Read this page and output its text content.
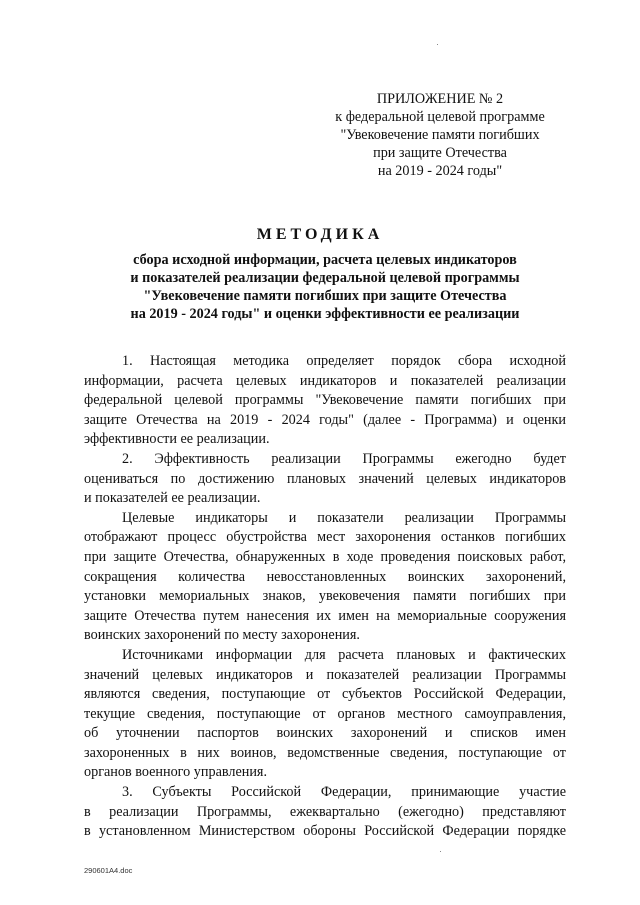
ПРИЛОЖЕНИЕ № 2
к федеральной целевой программе
"Увековечение памяти погибших
при защите Отечества
на 2019 - 2024 годы"
МЕТОДИКА
сбора исходной информации, расчета целевых индикаторов
и показателей реализации федеральной целевой программы
"Увековечение памяти погибших при защите Отечества
на 2019 - 2024 годы" и оценки эффективности ее реализации
1. Настоящая методика определяет порядок сбора исходной
информации, расчета целевых индикаторов и показателей реализации
федеральной целевой программы "Увековечение памяти погибших при
защите Отечества на 2019 - 2024 годы" (далее - Программа) и оценки
эффективности ее реализации.
2. Эффективность реализации Программы ежегодно будет
оцениваться по достижению плановых значений целевых индикаторов
и показателей ее реализации.
Целевые индикаторы и показатели реализации Программы
отображают процесс обустройства мест захоронения останков погибших
при защите Отечества, обнаруженных в ходе проведения поисковых работ,
сокращения количества невосстановленных воинских захоронений,
установки мемориальных знаков, увековечения памяти погибших при
защите Отечества путем нанесения их имен на мемориальные сооружения
воинских захоронений по месту захоронения.
Источниками информации для расчета плановых и фактических
значений целевых индикаторов и показателей реализации Программы
являются сведения, поступающие от субъектов Российской Федерации,
текущие сведения, поступающие от органов местного самоуправления,
об уточнении паспортов воинских захоронений и списков имен
захороненных в них воинов, ведомственные сведения, поступающие от
органов военного управления.
3. Субъекты Российской Федерации, принимающие участие
в реализации Программы, ежеквартально (ежегодно) представляют
в установленном Министерством обороны Российской Федерации порядке
290601A4.doc
